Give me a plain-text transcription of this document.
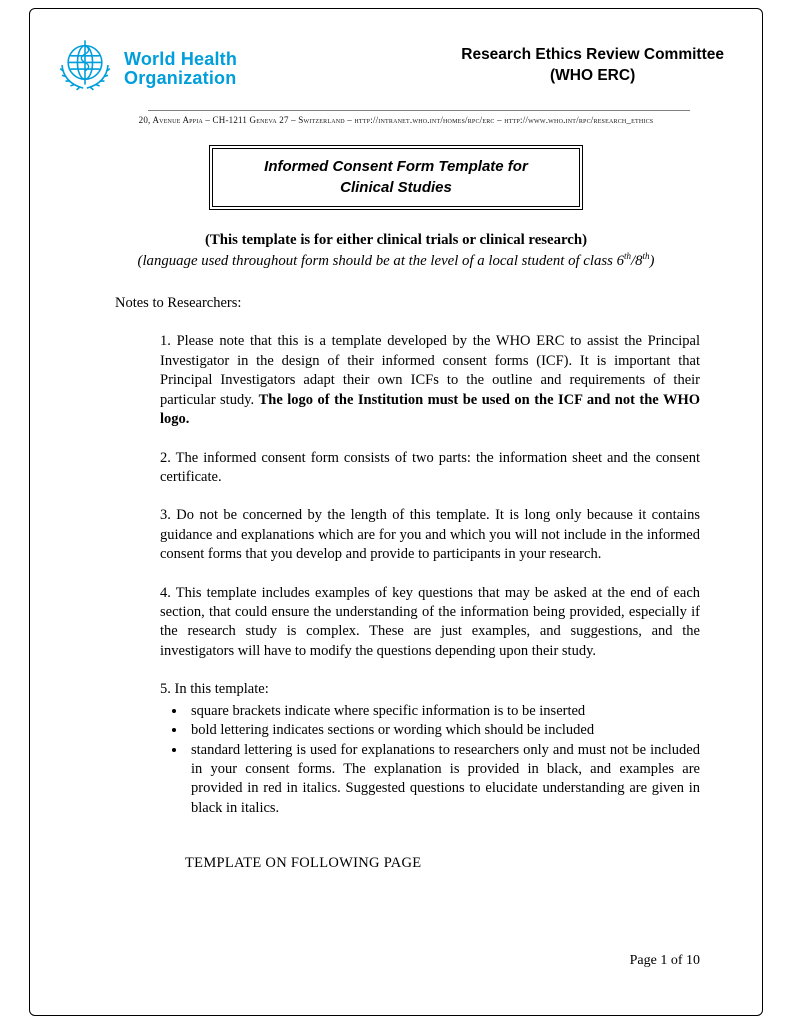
World Health
Organization
Research Ethics Review Committee
(WHO ERC)
20, Avenue Appia – CH-1211 Geneva 27 – Switzerland – http://intranet.who.int/homes/rpc/erc – http://www.who.int/rpc/research_ethics
Informed Consent Form Template for
Clinical Studies
(This template is for either clinical trials or clinical research)
(language used throughout form should be at the level of a local student of class 6th/8th)
Notes to Researchers:

1. Please note that this is a template developed by the WHO ERC to assist the Principal Investigator in the design of their informed consent forms (ICF). It is important that Principal Investigators adapt their own ICFs to the outline and requirements of their particular study. The logo of the Institution must be used on the ICF and not the WHO logo.

2. The informed consent form consists of two parts: the information sheet and the consent certificate.

3. Do not be concerned by the length of this template. It is long only because it contains guidance and explanations which are for you and which you will not include in the informed consent forms that you develop and provide to participants in your research.

4. This template includes examples of key questions that may be asked at the end of each section, that could ensure the understanding of the information being provided, especially if the research study is complex. These are just examples, and suggestions, and the investigators will have to modify the questions depending upon their study.

5. In this template:

• square brackets indicate where specific information is to be inserted
• bold lettering indicates sections or wording which should be included
• standard lettering is used for explanations to researchers only and must not be included in your consent forms. The explanation is provided in black, and examples are provided in red in italics. Suggested questions to elucidate understanding are given in black in italics.
TEMPLATE ON FOLLOWING PAGE
Page 1 of 10
